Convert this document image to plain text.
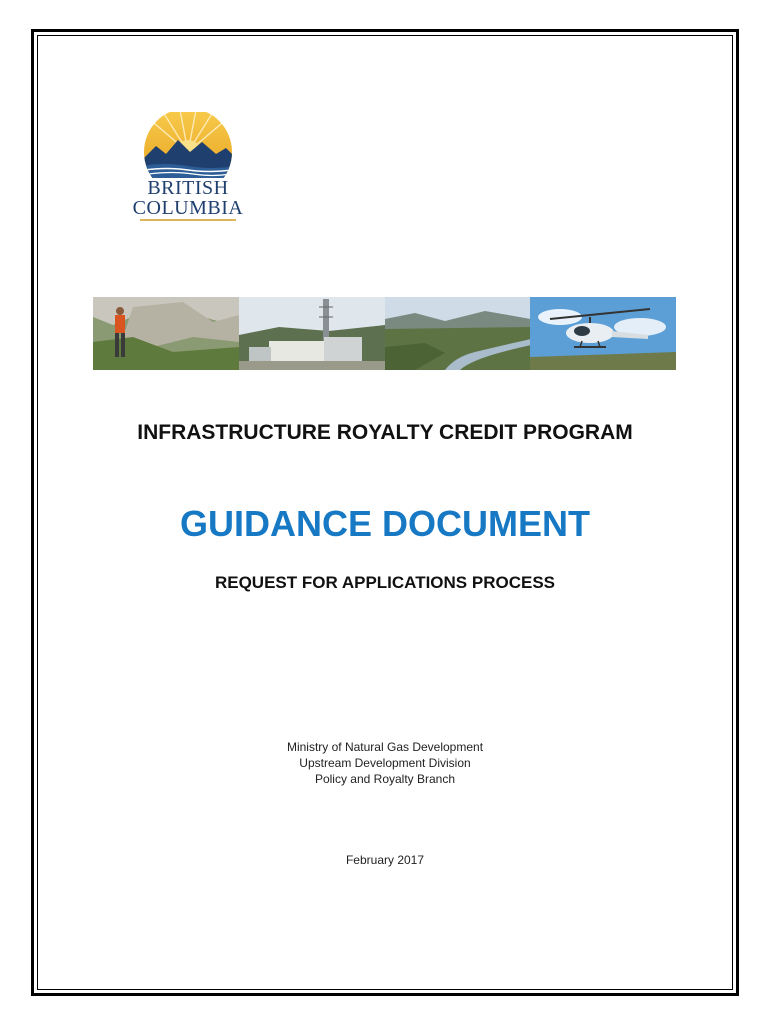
BRITISH
COLUMBIA
INFRASTRUCTURE ROYALTY CREDIT PROGRAM
GUIDANCE DOCUMENT
REQUEST FOR APPLICATIONS PROCESS
Ministry of Natural Gas Development
Upstream Development Division
Policy and Royalty Branch
February 2017
